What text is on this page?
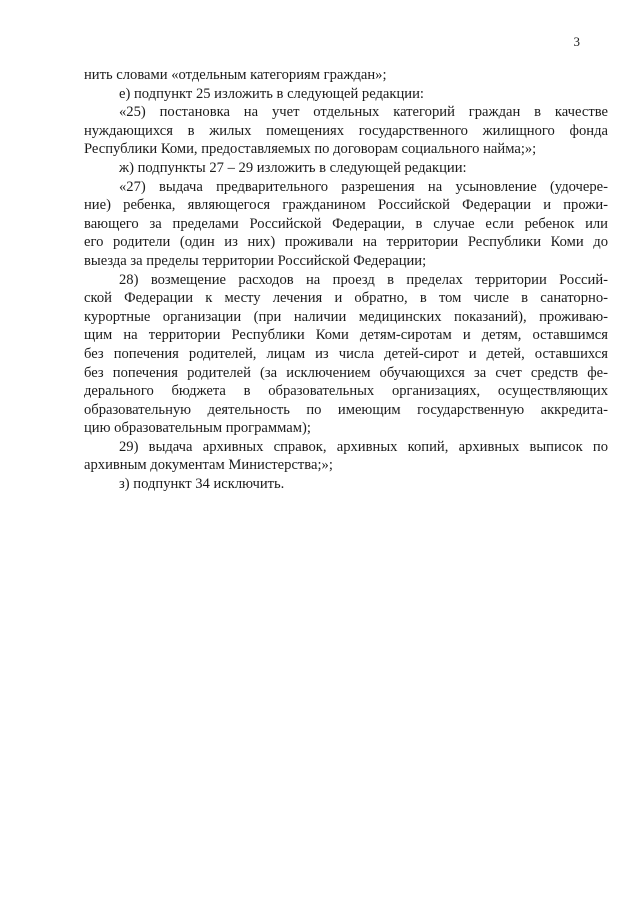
3
нить словами «отдельным категориям граждан»;
е) подпункт 25 изложить в следующей редакции:
«25) постановка на учет отдельных категорий граждан в качестве
нуждающихся в жилых помещениях государственного жилищного фонда
Республики Коми, предоставляемых по договорам социального найма;»;
ж) подпункты 27 – 29 изложить в следующей редакции:
«27) выдача предварительного разрешения на усыновление (удочере-
ние) ребенка, являющегося гражданином Российской Федерации и прожи-
вающего за пределами Российской Федерации, в случае если ребенок или
его родители (один из них) проживали на территории Республики Коми до
выезда за пределы территории Российской Федерации;
28) возмещение расходов на проезд в пределах территории Россий-
ской Федерации к месту лечения и обратно, в том числе в санаторно-
курортные организации (при наличии медицинских показаний), проживаю-
щим на территории Республики Коми детям-сиротам и детям, оставшимся
без попечения родителей, лицам из числа детей-сирот и детей, оставшихся
без попечения родителей (за исключением обучающихся за счет средств фе-
дерального бюджета в образовательных организациях, осуществляющих
образовательную деятельность по имеющим государственную аккредита-
цию образовательным программам);
29) выдача архивных справок, архивных копий, архивных выписок по
архивным документам Министерства;»;
з) подпункт 34 исключить.
